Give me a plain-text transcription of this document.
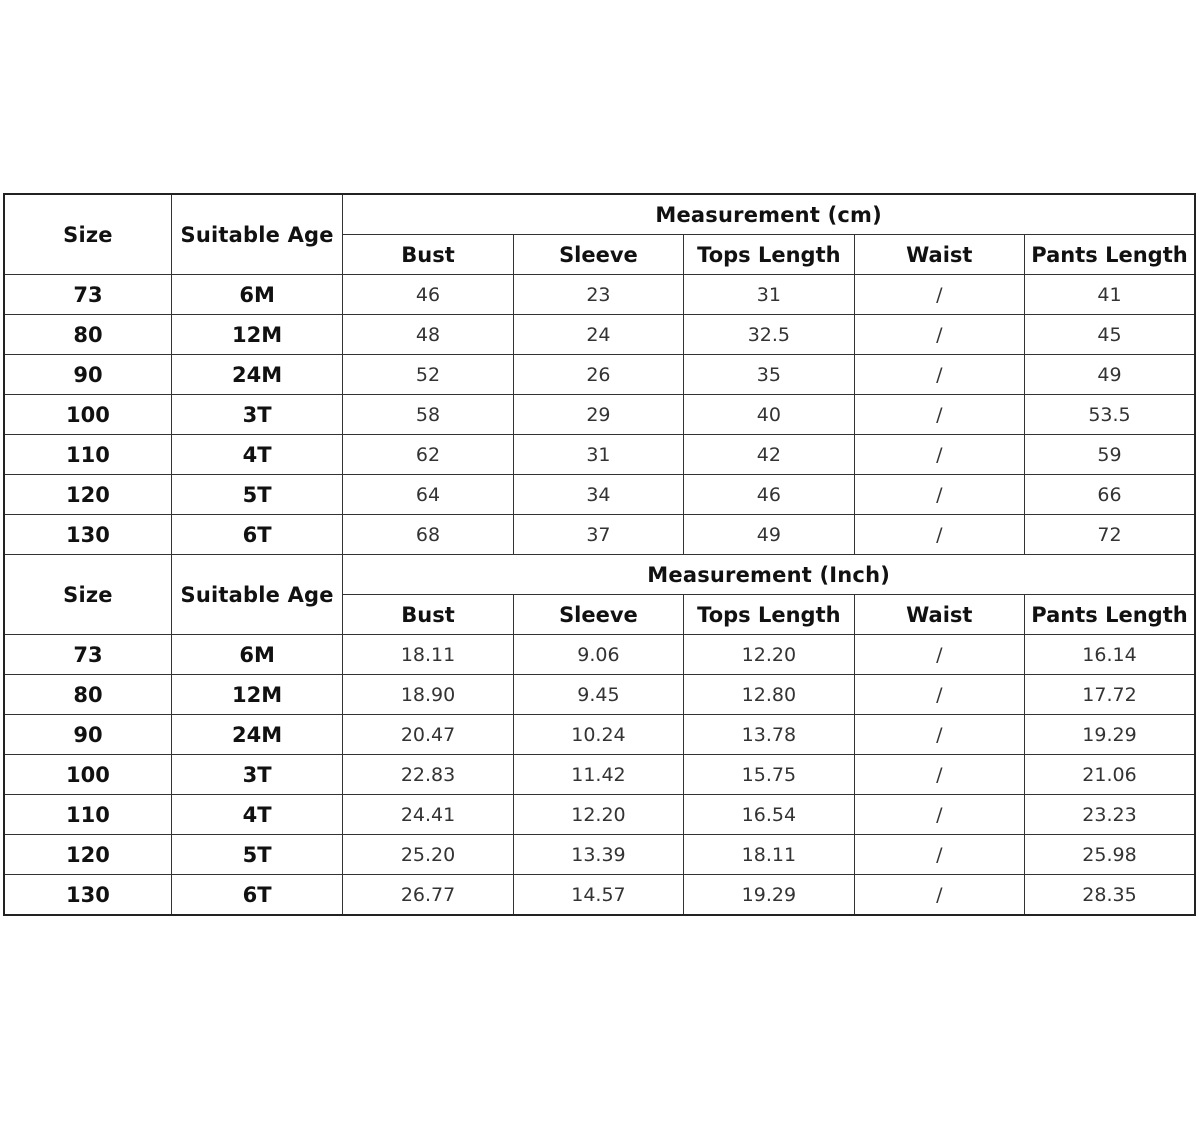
Size	Suitable Age	Measurement (cm)				
		Bust	Sleeve	Tops Length	Waist	Pants Length
73	6M	46	23	31	/	41
80	12M	48	24	32.5	/	45
90	24M	52	26	35	/	49
100	3T	58	29	40	/	53.5
110	4T	62	31	42	/	59
120	5T	64	34	46	/	66
130	6T	68	37	49	/	72
Size	Suitable Age	Measurement (Inch)				
		Bust	Sleeve	Tops Length	Waist	Pants Length
73	6M	18.11	9.06	12.20	/	16.14
80	12M	18.90	9.45	12.80	/	17.72
90	24M	20.47	10.24	13.78	/	19.29
100	3T	22.83	11.42	15.75	/	21.06
110	4T	24.41	12.20	16.54	/	23.23
120	5T	25.20	13.39	18.11	/	25.98
130	6T	26.77	14.57	19.29	/	28.35
